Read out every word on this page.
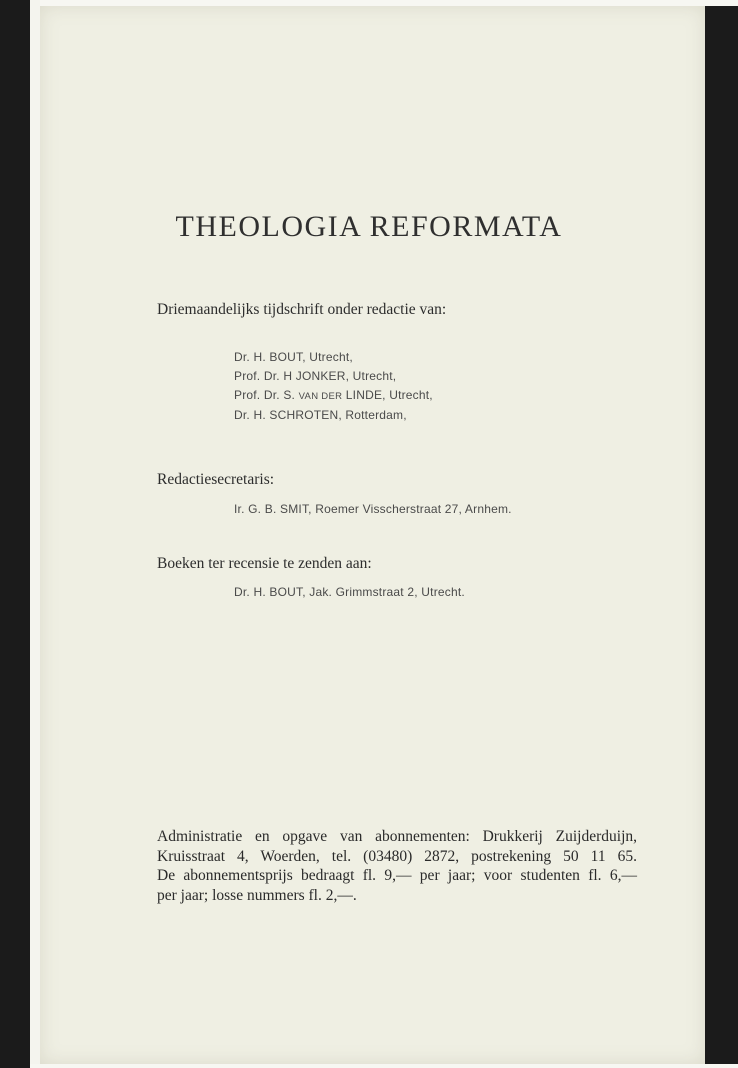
THEOLOGIA REFORMATA
Driemaandelijks tijdschrift onder redactie van:
Dr. H. BOUT, Utrecht,
Prof. Dr. H JONKER, Utrecht,
Prof. Dr. S. VAN DER LINDE, Utrecht,
Dr. H. SCHROTEN, Rotterdam,
Redactiesecretaris:
Ir. G. B. SMIT, Roemer Visscherstraat 27, Arnhem.
Boeken ter recensie te zenden aan:
Dr. H. BOUT, Jak. Grimmstraat 2, Utrecht.
Administratie en opgave van abonnementen: Drukkerij Zuijderduijn,
Kruisstraat 4, Woerden, tel. (03480) 2872, postrekening 50 11 65.
De abonnementsprijs bedraagt fl. 9,— per jaar; voor studenten fl. 6,—
per jaar; losse nummers fl. 2,—.
